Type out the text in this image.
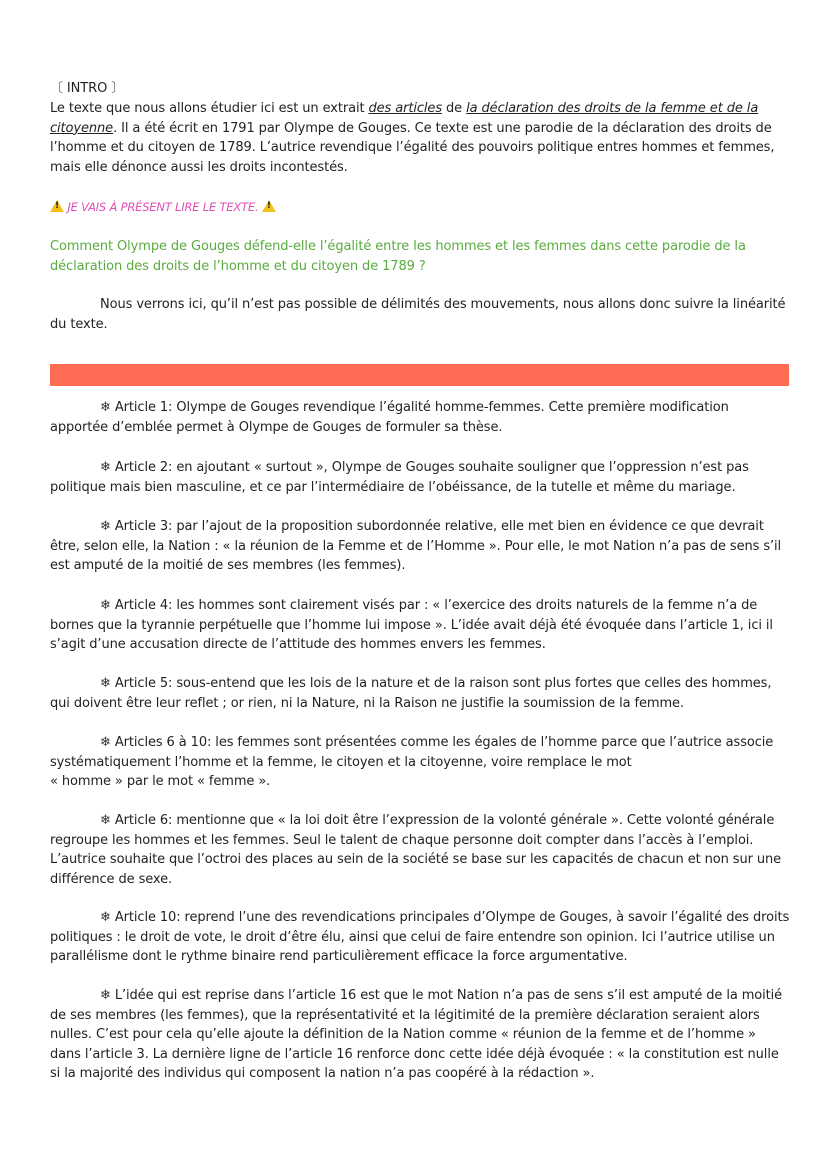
〔 INTRO 〕
Le texte que nous allons étudier ici est un extrait des articles de la déclaration des droits de la femme et de la citoyenne. Il a été écrit en 1791 par Olympe de Gouges. Ce texte est une parodie de la déclaration des droits de l’homme et du citoyen de 1789. L’autrice revendique l’égalité des pouvoirs politique entres hommes et femmes, mais elle dénonce aussi les droits incontestés.
! JE VAIS À PRÉSENT LIRE LE TEXTE. !
Comment Olympe de Gouges défend-elle l’égalité entre les hommes et les femmes dans cette parodie de la déclaration des droits de l’homme et du citoyen de 1789 ?
Nous verrons ici, qu’il n’est pas possible de délimités des mouvements, nous allons donc suivre la linéarité du texte.
❄ Article 1: Olympe de Gouges revendique l’égalité homme-femmes. Cette première modification apportée d’emblée permet à Olympe de Gouges de formuler sa thèse.
❄ Article 2: en ajoutant « surtout », Olympe de Gouges souhaite souligner que l’oppression n’est pas politique mais bien masculine, et ce par l’intermédiaire de l’obéissance, de la tutelle et même du mariage.
❄ Article 3: par l’ajout de la proposition subordonnée relative, elle met bien en évidence ce que devrait être, selon elle, la Nation : « la réunion de la Femme et de l’Homme ». Pour elle, le mot Nation n’a pas de sens s’il est amputé de la moitié de ses membres (les femmes).
❄ Article 4: les hommes sont clairement visés par : « l’exercice des droits naturels de la femme n’a de bornes que la tyrannie perpétuelle que l’homme lui impose ». L’idée avait déjà été évoquée dans l’article 1, ici il s’agit d’une accusation directe de l’attitude des hommes envers les femmes.
❄ Article 5: sous-entend que les lois de la nature et de la raison sont plus fortes que celles des hommes, qui doivent être leur reflet ; or rien, ni la Nature, ni la Raison ne justifie la soumission de la femme.
❄ Articles 6 à 10: les femmes sont présentées comme les égales de l’homme parce que l’autrice associe systématiquement l’homme et la femme, le citoyen et la citoyenne, voire remplace le mot
« homme » par le mot « femme ».
❄ Article 6: mentionne que « la loi doit être l’expression de la volonté générale ». Cette volonté générale regroupe les hommes et les femmes. Seul le talent de chaque personne doit compter dans l’accès à l’emploi. L’autrice souhaite que l’octroi des places au sein de la société se base sur les capacités de chacun et non sur une différence de sexe.
❄ Article 10: reprend l’une des revendications principales d’Olympe de Gouges, à savoir l’égalité des droits politiques : le droit de vote, le droit d’être élu, ainsi que celui de faire entendre son opinion. Ici l’autrice utilise un parallélisme dont le rythme binaire rend particulièrement efficace la force argumentative.
❄ L’idée qui est reprise dans l’article 16 est que le mot Nation n’a pas de sens s’il est amputé de la moitié de ses membres (les femmes), que la représentativité et la légitimité de la première déclaration seraient alors nulles. C’est pour cela qu’elle ajoute la définition de la Nation comme « réunion de la femme et de l’homme » dans l’article 3. La dernière ligne de l’article 16 renforce donc cette idée déjà évoquée : « la constitution est nulle si la majorité des individus qui composent la nation n’a pas coopéré à la rédaction ».
